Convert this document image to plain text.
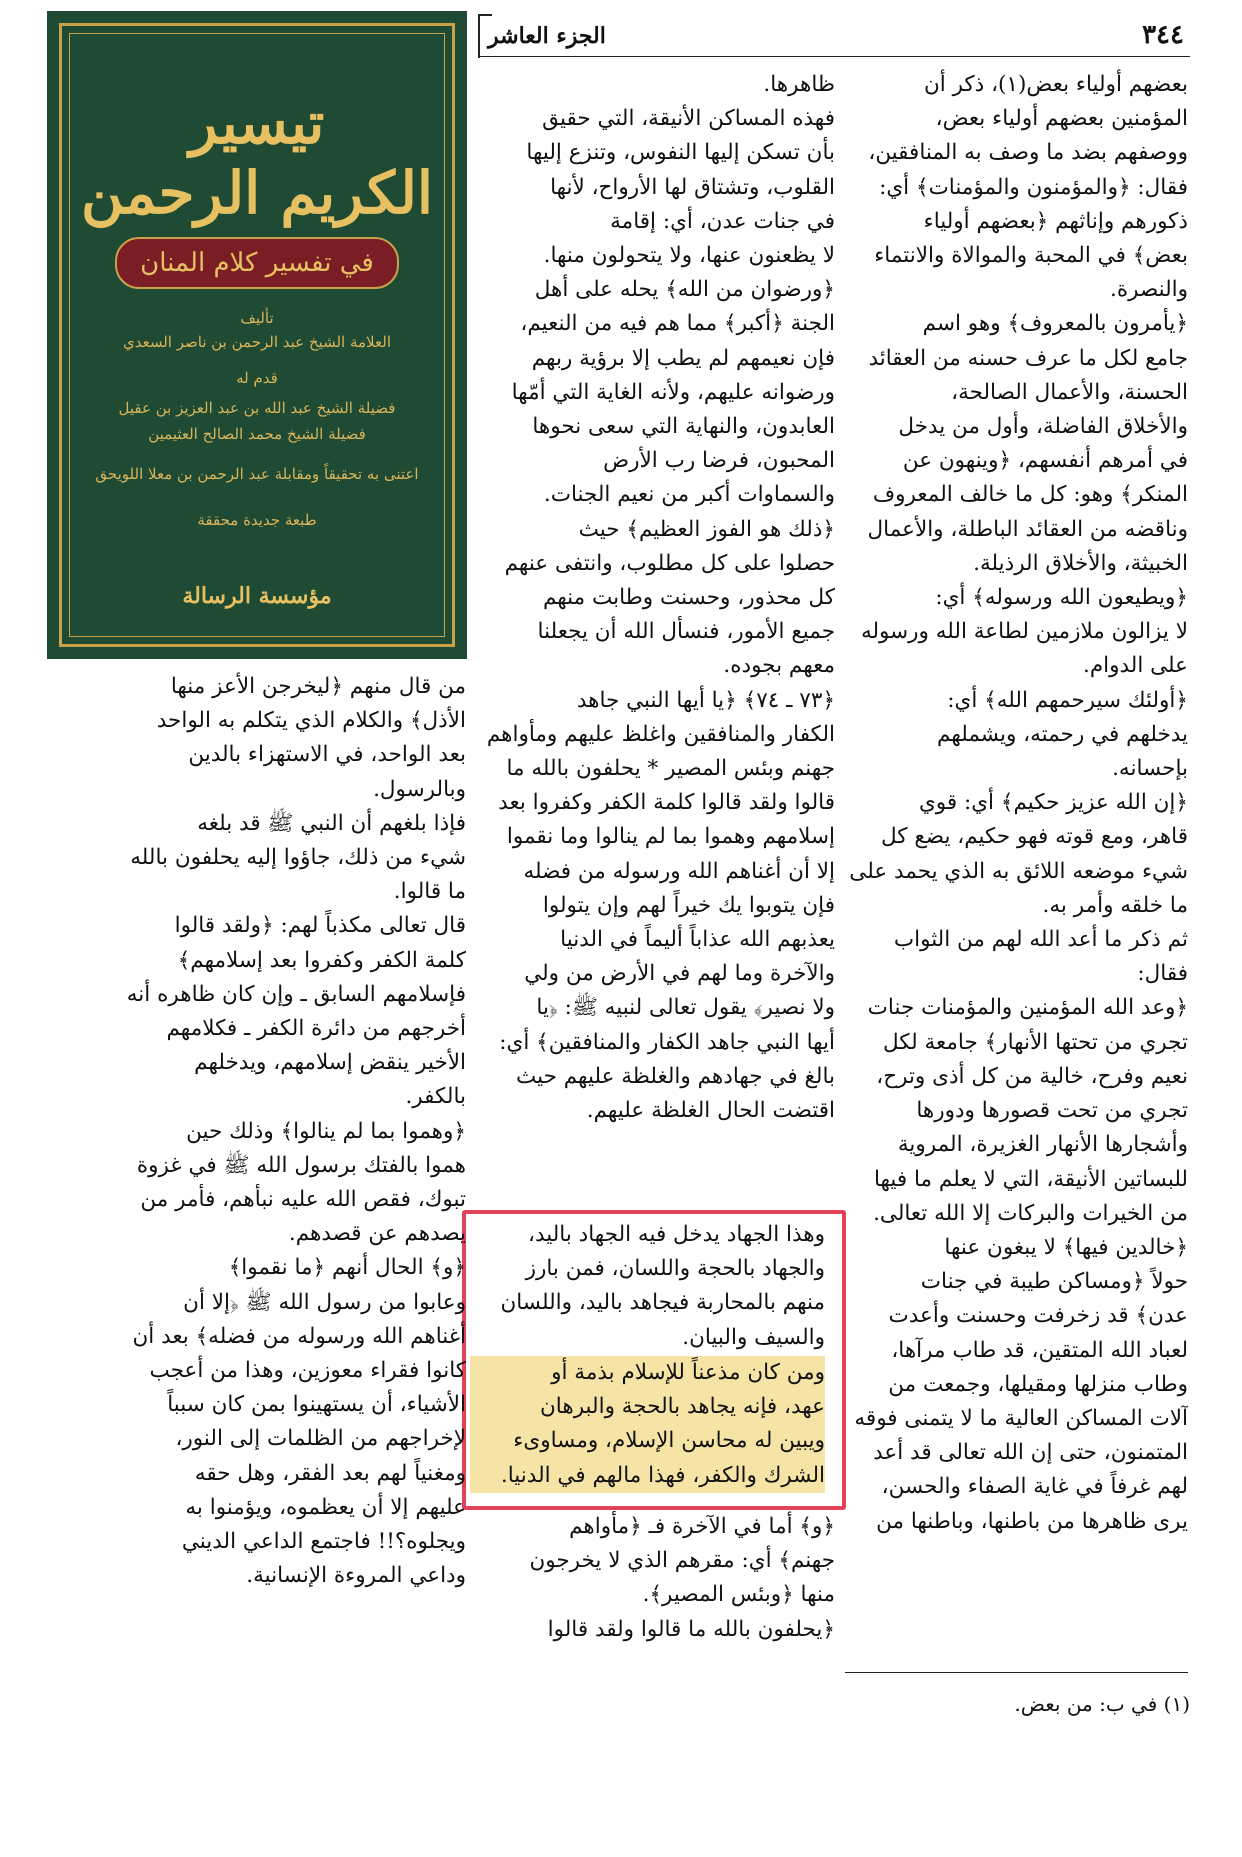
٣٤٤
الجزء العاشر
تيسير
الكريم الرحمن
في تفسير كلام المنان
تأليف
العلامة الشيخ عبد الرحمن بن ناصر السعدي
قدم له
فضيلة الشيخ عبد الله بن عبد العزيز بن عقيل
فضيلة الشيخ محمد الصالح العثيمين
اعتنى به تحقيقاً ومقابلة عبد الرحمن بن معلا اللويحق
طبعة جديدة محققة
مؤسسة الرسالة
بعضهم أولياء بعض(١)، ذكر أن
المؤمنين بعضهم أولياء بعض،
ووصفهم بضد ما وصف به المنافقين،
فقال: ﴿والمؤمنون والمؤمنات﴾ أي:
ذكورهم وإناثهم ﴿بعضهم أولياء
بعض﴾ في المحبة والموالاة والانتماء
والنصرة.
﴿يأمرون بالمعروف﴾ وهو اسم
جامع لكل ما عرف حسنه من العقائد
الحسنة، والأعمال الصالحة،
والأخلاق الفاضلة، وأول من يدخل
في أمرهم أنفسهم، ﴿وينهون عن
المنكر﴾ وهو: كل ما خالف المعروف
وناقضه من العقائد الباطلة، والأعمال
الخبيثة، والأخلاق الرذيلة.
﴿ويطيعون الله ورسوله﴾ أي:
لا يزالون ملازمين لطاعة الله ورسوله
على الدوام.
﴿أولئك سيرحمهم الله﴾ أي:
يدخلهم في رحمته، ويشملهم
بإحسانه.
﴿إن الله عزيز حكيم﴾ أي: قوي
قاهر، ومع قوته فهو حكيم، يضع كل
شيء موضعه اللائق به الذي يحمد على
ما خلقه وأمر به.
ثم ذكر ما أعد الله لهم من الثواب
فقال:
﴿وعد الله المؤمنين والمؤمنات جنات
تجري من تحتها الأنهار﴾ جامعة لكل
نعيم وفرح، خالية من كل أذى وترح،
تجري من تحت قصورها ودورها
وأشجارها الأنهار الغزيرة، المروية
للبساتين الأنيقة، التي لا يعلم ما فيها
من الخيرات والبركات إلا الله تعالى.
﴿خالدين فيها﴾ لا يبغون عنها
حولاً ﴿ومساكن طيبة في جنات
عدن﴾ قد زخرفت وحسنت وأعدت
لعباد الله المتقين، قد طاب مرآها،
وطاب منزلها ومقيلها، وجمعت من
آلات المساكن العالية ما لا يتمنى فوقه
المتمنون، حتى إن الله تعالى قد أعد
لهم غرفاً في غاية الصفاء والحسن،
يرى ظاهرها من باطنها، وباطنها من
ظاهرها.
فهذه المساكن الأنيقة، التي حقيق
بأن تسكن إليها النفوس، وتنزع إليها
القلوب، وتشتاق لها الأرواح، لأنها
في جنات عدن، أي: إقامة
لا يظعنون عنها، ولا يتحولون منها.
﴿ورضوان من الله﴾ يحله على أهل
الجنة ﴿أكبر﴾ مما هم فيه من النعيم،
فإن نعيمهم لم يطب إلا برؤية ربهم
ورضوانه عليهم، ولأنه الغاية التي أمّها
العابدون، والنهاية التي سعى نحوها
المحبون، فرضا رب الأرض
والسماوات أكبر من نعيم الجنات.
﴿ذلك هو الفوز العظيم﴾ حيث
حصلوا على كل مطلوب، وانتفى عنهم
كل محذور، وحسنت وطابت منهم
جميع الأمور، فنسأل الله أن يجعلنا
معهم بجوده.
﴿٧٣ ـ ٧٤﴾ ﴿يا أيها النبي جاهد
الكفار والمنافقين واغلظ عليهم ومأواهم
جهنم وبئس المصير * يحلفون بالله ما
قالوا ولقد قالوا كلمة الكفر وكفروا بعد
إسلامهم وهموا بما لم ينالوا وما نقموا
إلا أن أغناهم الله ورسوله من فضله
فإن يتوبوا يك خيراً لهم وإن يتولوا
يعذبهم الله عذاباً أليماً في الدنيا
والآخرة وما لهم في الأرض من ولي
ولا نصير﴾ يقول تعالى لنبيه ﷺ: ﴿يا
أيها النبي جاهد الكفار والمنافقين﴾ أي:
بالغ في جهادهم والغلظة عليهم حيث
اقتضت الحال الغلظة عليهم.
وهذا الجهاد يدخل فيه الجهاد باليد،
والجهاد بالحجة واللسان، فمن بارز
منهم بالمحاربة فيجاهد باليد، واللسان
والسيف والبيان.
ومن كان مذعناً للإسلام بذمة أو
عهد، فإنه يجاهد بالحجة والبرهان
ويبين له محاسن الإسلام، ومساوىء
الشرك والكفر، فهذا مالهم في الدنيا.
﴿و﴾ أما في الآخرة فـ ﴿مأواهم
جهنم﴾ أي: مقرهم الذي لا يخرجون
منها ﴿وبئس المصير﴾.
﴿يحلفون بالله ما قالوا ولقد قالوا
من قال منهم ﴿ليخرجن الأعز منها
الأذل﴾ والكلام الذي يتكلم به الواحد
بعد الواحد، في الاستهزاء بالدين
وبالرسول.
فإذا بلغهم أن النبي ﷺ قد بلغه
شيء من ذلك، جاؤوا إليه يحلفون بالله
ما قالوا.
قال تعالى مكذباً لهم: ﴿ولقد قالوا
كلمة الكفر وكفروا بعد إسلامهم﴾
فإسلامهم السابق ـ وإن كان ظاهره أنه
أخرجهم من دائرة الكفر ـ فكلامهم
الأخير ينقض إسلامهم، ويدخلهم
بالكفر.
﴿وهموا بما لم ينالوا﴾ وذلك حين
هموا بالفتك برسول الله ﷺ في غزوة
تبوك، فقص الله عليه نبأهم، فأمر من
يصدهم عن قصدهم.
﴿و﴾ الحال أنهم ﴿ما نقموا﴾
وعابوا من رسول الله ﷺ ﴿إلا أن
أغناهم الله ورسوله من فضله﴾ بعد أن
كانوا فقراء معوزين، وهذا من أعجب
الأشياء، أن يستهينوا بمن كان سبباً
لإخراجهم من الظلمات إلى النور،
ومغنياً لهم بعد الفقر، وهل حقه
عليهم إلا أن يعظموه، ويؤمنوا به
ويجلوه؟!! فاجتمع الداعي الديني
وداعي المروءة الإنسانية.
(١) في ب: من بعض.
